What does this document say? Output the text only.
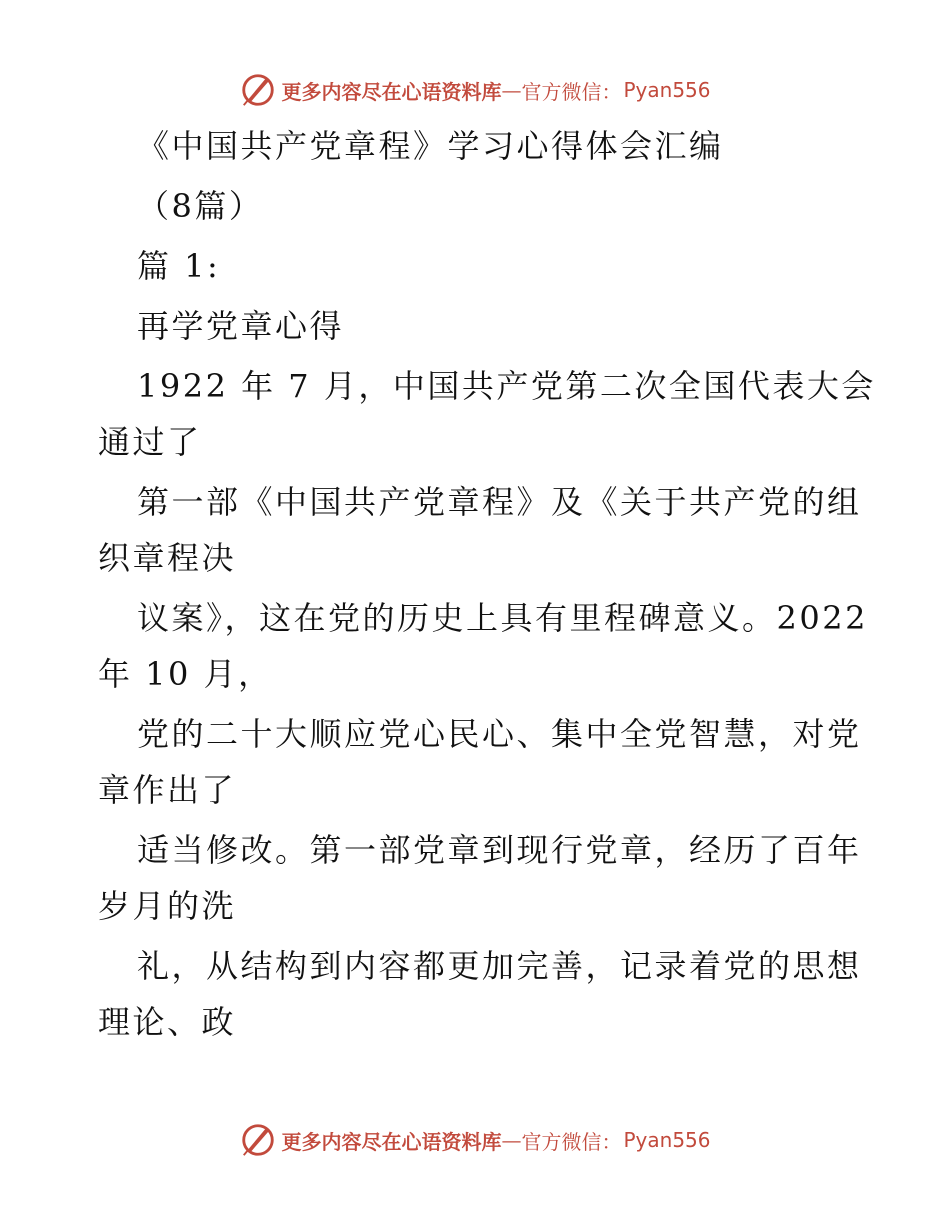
更多内容尽在心语资料库 — 官方微信： Pyan556
《中国共产党章程》学习心得体会汇编
（8篇）
篇 1:
再学党章心得
1922 年 7 月，中国共产党第二次全国代表大会
通过了
第一部《中国共产党章程》及《关于共产党的组
织章程决
议案》，这在党的历史上具有里程碑意义。2022
年 10 月，
党的二十大顺应党心民心、集中全党智慧，对党
章作出了
适当修改。第一部党章到现行党章，经历了百年
岁月的洗
礼，从结构到内容都更加完善，记录着党的思想
理论、政
更多内容尽在心语资料库 — 官方微信： Pyan556
